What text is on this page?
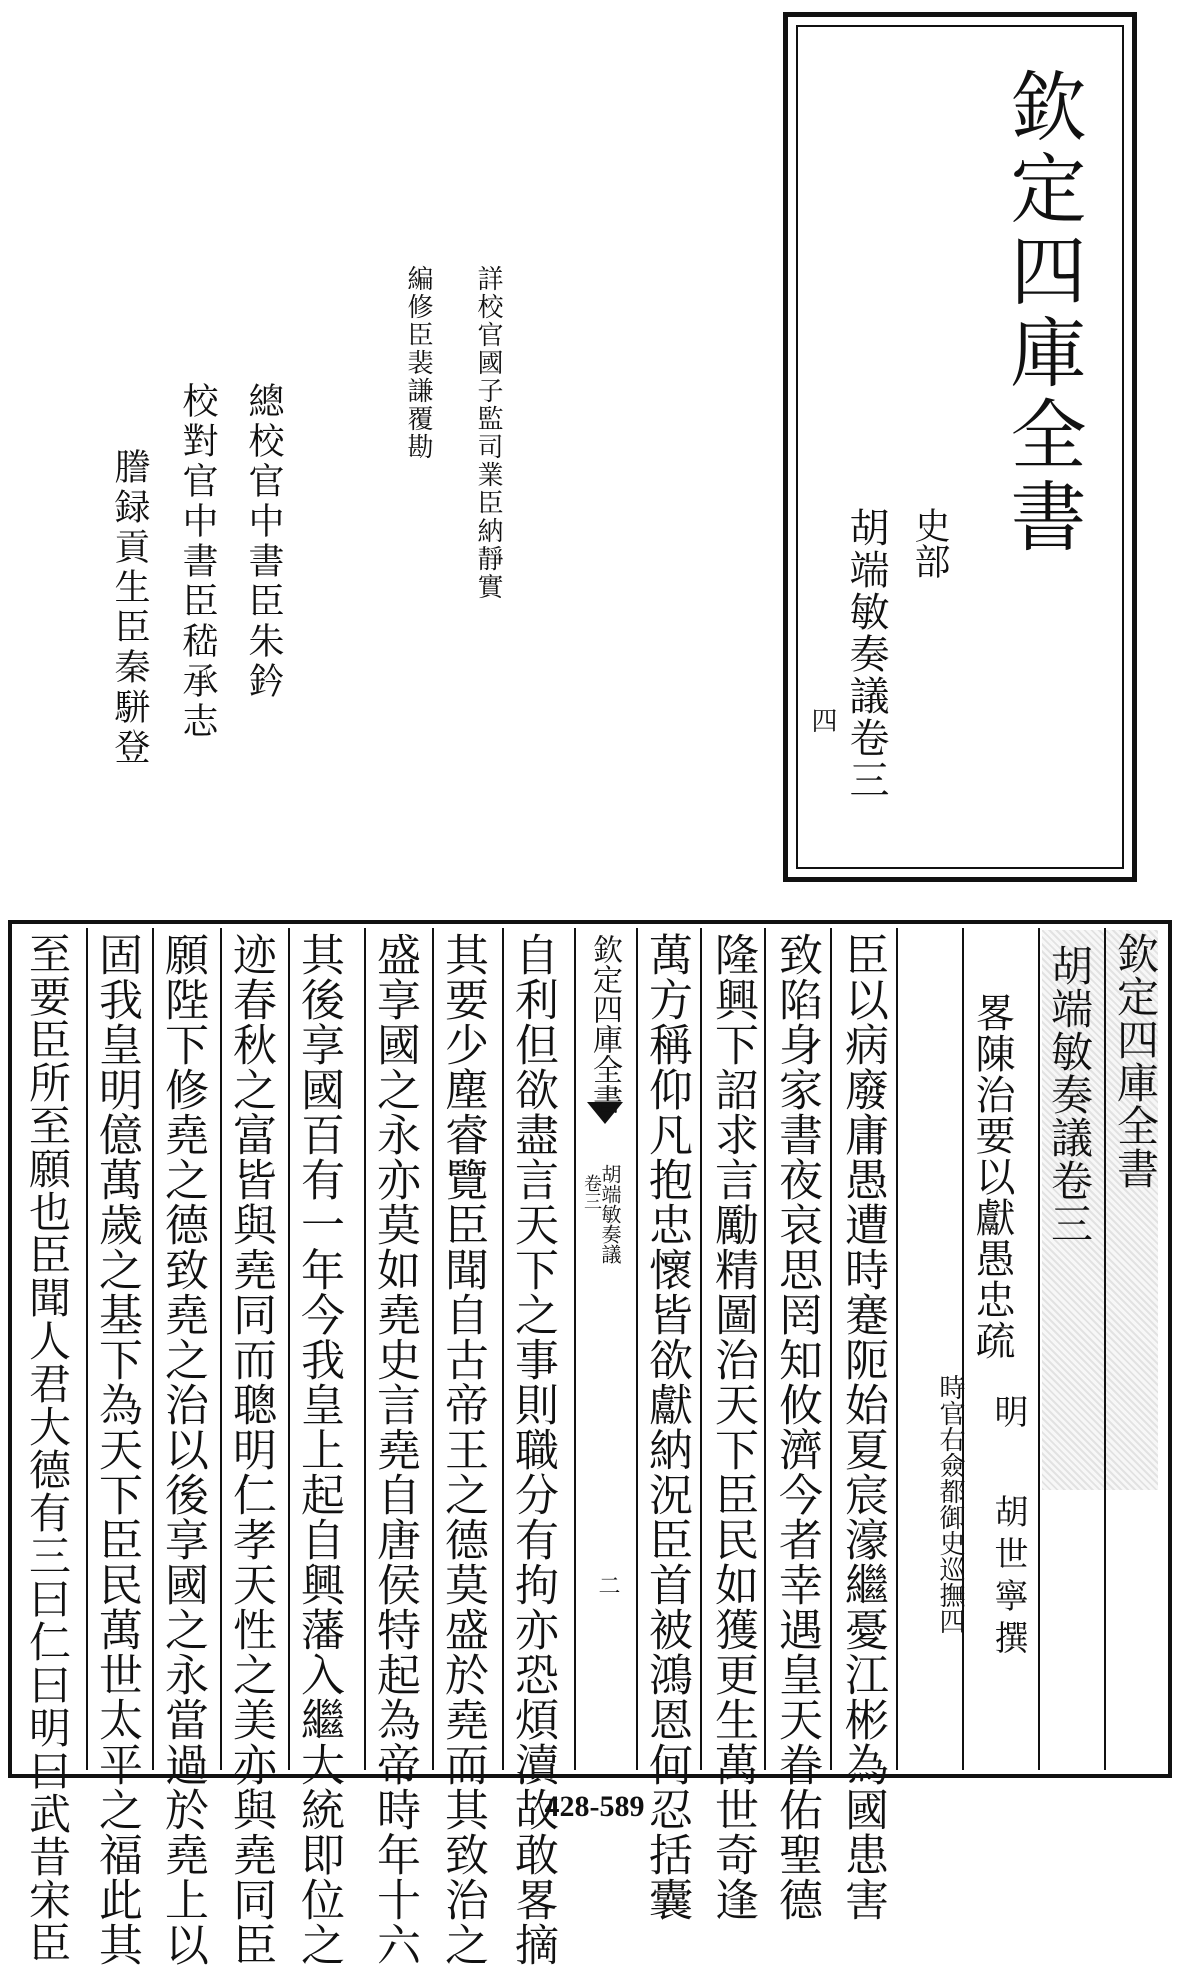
欽定四庫全書
史部
胡端敏奏議卷三
四
詳校官國子監司業臣納靜實
編修臣裴謙覆勘
總校官中書臣朱鈐
校對官中書臣嵇承志
謄録貢生臣秦駢登
欽定四庫全書
胡端敏奏議卷三
畧陳治要以獻愚忠疏
時官右僉都御史巡撫四 明
胡世寧撰
臣以病廢庸愚遭時蹇阨始夏宸濠繼憂江彬為國患害
致陷身家書夜哀思罔知攸濟今者幸遇皇天眷佑聖德
隆興下詔求言勵精圖治天下臣民如獲更生萬世奇逢
萬方稱仰凡抱忠懷皆欲獻納況臣首被鴻恩何忍括囊
欽定四庫全書
胡端敏奏議
卷三
二
自利但欲盡言天下之事則職分有拘亦恐煩瀆故敢畧摘
其要少塵睿覽臣聞自古帝王之德莫盛於堯而其致治之
盛享國之永亦莫如堯史言堯自唐侯特起為帝時年十六
其後享國百有一年今我皇上起自興藩入繼大統即位之
迹春秋之富皆與堯同而聰明仁孝天性之美亦與堯同臣
願陛下修堯之德致堯之治以後享國之永當過於堯上以
固我皇明億萬歲之基下為天下臣民萬世太平之福此其
至要臣所至願也臣聞人君大德有三曰仁曰明曰武昔宋臣	428-589
